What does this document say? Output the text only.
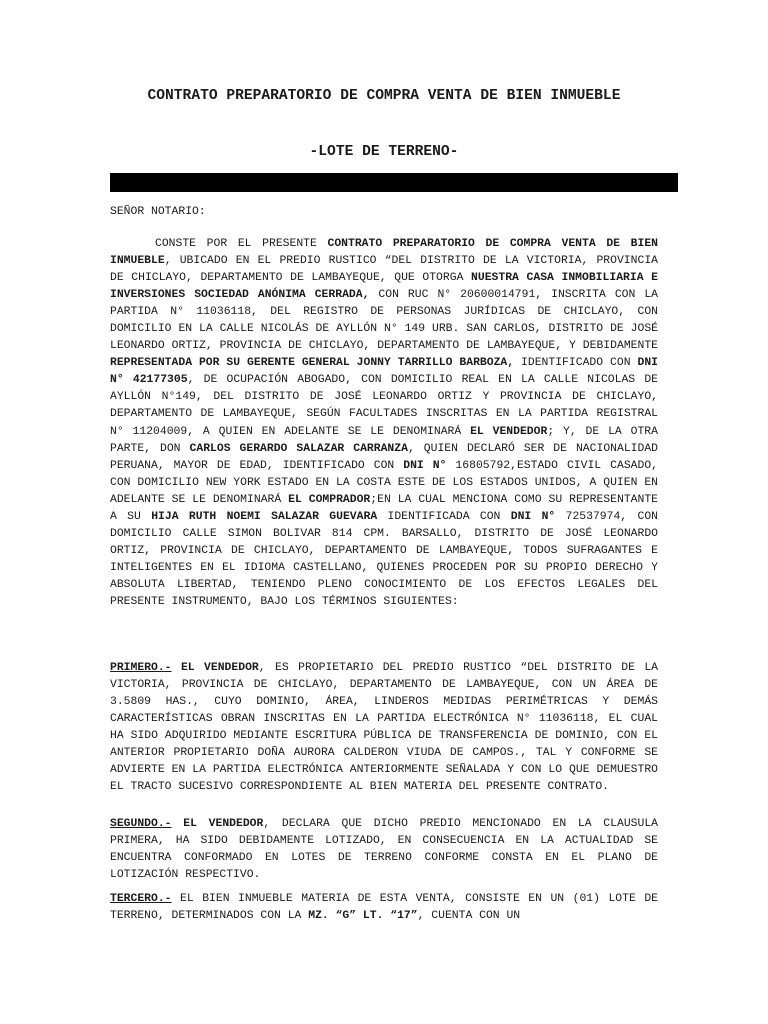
CONTRATO PREPARATORIO DE COMPRA VENTA DE BIEN INMUEBLE
-LOTE DE TERRENO-

SEÑOR NOTARIO:

CONSTE POR EL PRESENTE CONTRATO PREPARATORIO DE COMPRA VENTA DE BIEN INMUEBLE, UBICADO EN EL PREDIO RUSTICO “DEL DISTRITO DE LA VICTORIA, PROVINCIA DE CHICLAYO, DEPARTAMENTO DE LAMBAYEQUE, QUE OTORGA NUESTRA CASA INMOBILIARIA E INVERSIONES SOCIEDAD ANÓNIMA CERRADA, CON RUC N° 20600014791, INSCRITA CON LA PARTIDA N° 11036118, DEL REGISTRO DE PERSONAS JURÍDICAS DE CHICLAYO, CON DOMICILIO EN LA CALLE NICOLÁS DE AYLLÓN N° 149 URB. SAN CARLOS, DISTRITO DE JOSÉ LEONARDO ORTIZ, PROVINCIA DE CHICLAYO, DEPARTAMENTO DE LAMBAYEQUE, Y DEBIDAMENTE REPRESENTADA POR SU GERENTE GENERAL JONNY TARRILLO BARBOZA, IDENTIFICADO CON DNI N° 42177305, DE OCUPACIÓN ABOGADO, CON DOMICILIO REAL EN LA CALLE NICOLAS DE AYLLÓN N°149, DEL DISTRITO DE JOSÉ LEONARDO ORTIZ Y PROVINCIA DE CHICLAYO, DEPARTAMENTO DE LAMBAYEQUE, SEGÚN FACULTADES INSCRITAS EN LA PARTIDA REGISTRAL N° 11204009, A QUIEN EN ADELANTE SE LE DENOMINARÁ EL VENDEDOR; Y, DE LA OTRA PARTE, DON CARLOS GERARDO SALAZAR CARRANZA, QUIEN DECLARÓ SER DE NACIONALIDAD PERUANA, MAYOR DE EDAD, IDENTIFICADO CON DNI N° 16805792,ESTADO CIVIL CASADO, CON DOMICILIO NEW YORK ESTADO EN LA COSTA ESTE DE LOS ESTADOS UNIDOS, A QUIEN EN ADELANTE SE LE DENOMINARÁ EL COMPRADOR;EN LA CUAL MENCIONA COMO SU REPRESENTANTE A SU HIJA RUTH NOEMI SALAZAR GUEVARA IDENTIFICADA CON DNI N° 72537974, CON DOMICILIO CALLE SIMON BOLIVAR 814 CPM. BARSALLO, DISTRITO DE JOSÉ LEONARDO ORTIZ, PROVINCIA DE CHICLAYO, DEPARTAMENTO DE LAMBAYEQUE, TODOS SUFRAGANTES E INTELIGENTES EN EL IDIOMA CASTELLANO, QUIENES PROCEDEN POR SU PROPIO DERECHO Y ABSOLUTA LIBERTAD, TENIENDO PLENO CONOCIMIENTO DE LOS EFECTOS LEGALES DEL PRESENTE INSTRUMENTO, BAJO LOS TÉRMINOS SIGUIENTES:

PRIMERO.- EL VENDEDOR, ES PROPIETARIO DEL PREDIO RUSTICO “DEL DISTRITO DE LA VICTORIA, PROVINCIA DE CHICLAYO, DEPARTAMENTO DE LAMBAYEQUE, CON UN ÁREA DE 3.5809 HAS., CUYO DOMINIO, ÁREA, LINDEROS MEDIDAS PERIMÉTRICAS Y DEMÁS CARACTERÍSTICAS OBRAN INSCRITAS EN LA PARTIDA ELECTRÓNICA N° 11036118, EL CUAL HA SIDO ADQUIRIDO MEDIANTE ESCRITURA PÚBLICA DE TRANSFERENCIA DE DOMINIO, CON EL ANTERIOR PROPIETARIO DOÑA AURORA CALDERON VIUDA DE CAMPOS., TAL Y CONFORME SE ADVIERTE EN LA PARTIDA ELECTRÓNICA ANTERIORMENTE SEÑALADA Y CON LO QUE DEMUESTRO EL TRACTO SUCESIVO CORRESPONDIENTE AL BIEN MATERIA DEL PRESENTE CONTRATO.

SEGUNDO.- EL VENDEDOR, DECLARA QUE DICHO PREDIO MENCIONADO EN LA CLAUSULA PRIMERA, HA SIDO DEBIDAMENTE LOTIZADO, EN CONSECUENCIA EN LA ACTUALIDAD SE ENCUENTRA CONFORMADO EN LOTES DE TERRENO CONFORME CONSTA EN EL PLANO DE LOTIZACIÓN RESPECTIVO.

TERCERO.- EL BIEN INMUEBLE MATERIA DE ESTA VENTA, CONSISTE EN UN (01) LOTE DE TERRENO, DETERMINADOS CON LA MZ. “G” LT. “17”, CUENTA CON UN
